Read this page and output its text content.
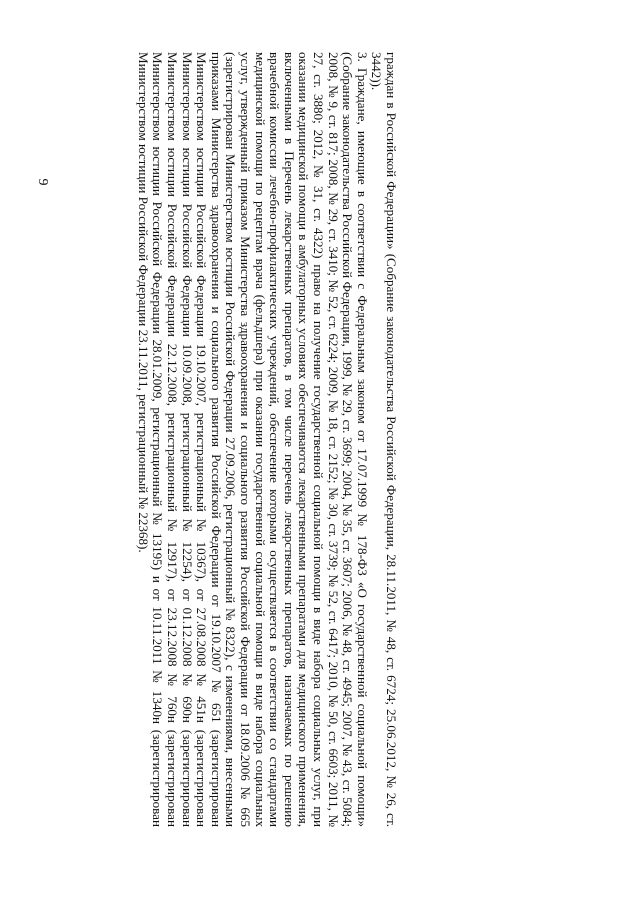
9	граждан в Российской Федерации» (Собрание законодательства Российской Федерации, 28.11.2011, № 48, ст. 6724; 25.06.2012, № 26, ст. 3442)).

3. Граждане, имеющие в соответствии с Федеральным законом от 17.07.1999 № 178-ФЗ «О государственной социальной помощи» (Собрание законодательства Российской Федерации, 1999, № 29, ст. 3699; 2004, № 35, ст. 3607; 2006, № 48, ст. 4945; 2007, № 43, ст. 5084; 2008, № 9, ст. 817; 2008, № 29, ст. 3410; № 52, ст. 6224; 2009, № 18, ст. 2152; № 30, ст. 3739; № 52, ст. 6417; 2010, № 50, ст. 6603; 2011, № 27, ст. 3880; 2012, № 31, ст. 4322) право на получение государственной социальной помощи в виде набора социальных услуг, при оказании медицинской помощи в амбулаторных условиях обеспечиваются лекарственными препаратами для медицинского применения, включенными в Перечень лекарственных препаратов, в том числе перечень лекарственных препаратов, назначаемых по решению врачебной комиссии лечебно-профилактических учреждений, обеспечение которыми осуществляется в соответствии со стандартами медицинской помощи по рецептам врача (фельдшера) при оказании государственной социальной помощи в виде набора социальных услуг, утвержденный приказом Министерства здравоохранения и социального развития Российской Федерации от 18.09.2006 № 665 (зарегистрирован Министерством юстиции Российской Федерации 27.09.2006, регистрационный № 8322), с изменениями, внесенными приказами Министерства здравоохранения и социального развития Российской Федерации от 19.10.2007 № 651 (зарегистрирован Министерством юстиции Российской Федерации 19.10.2007, регистрационный № 10367), от 27.08.2008 № 451н (зарегистрирован Министерством юстиции Российской Федерации 10.09.2008, регистрационный № 12254), от 01.12.2008 № 690н (зарегистрирован Министерством юстиции Российской Федерации 22.12.2008, регистрационный № 12917), от 23.12.2008 № 760н (зарегистрирован Министерством юстиции Российской Федерации 28.01.2009, регистрационный № 13195) и от 10.11.2011 № 1340н (зарегистрирован Министерством юстиции Российской Федерации 23.11.2011, регистрационный № 22368).
